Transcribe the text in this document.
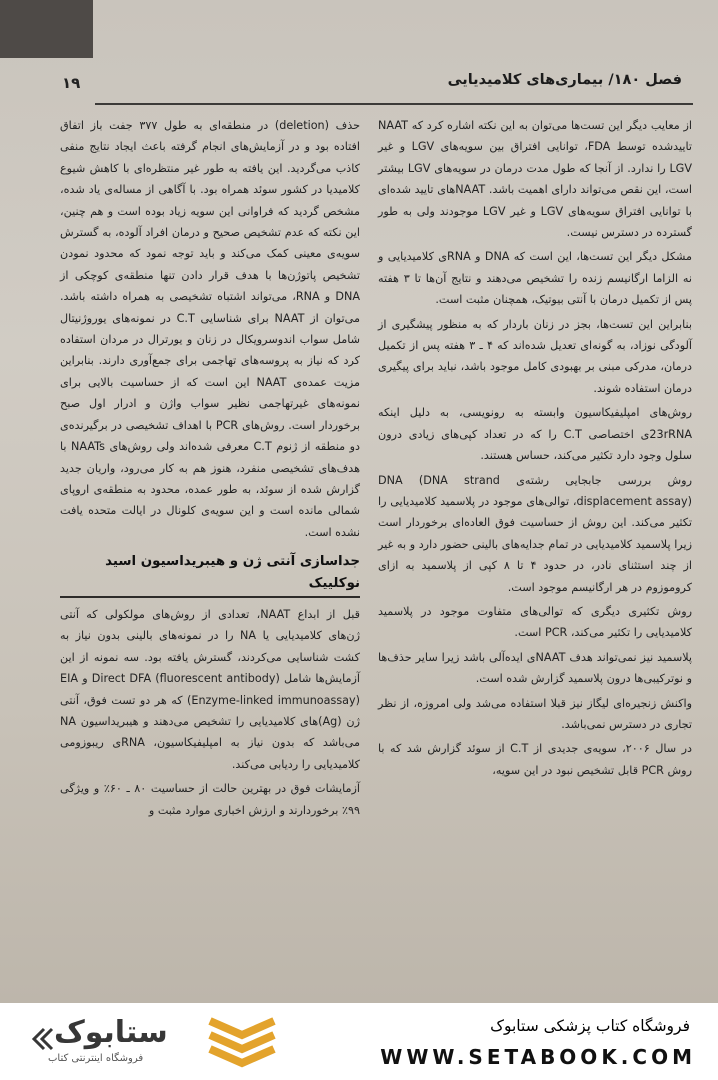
۱۹	فصل ۱۸۰/ بیماری‌های کلامیدیایی

از معایب دیگر این تست‌ها می‌توان به این نکته اشاره کرد که NAAT تاییدشده توسط FDA، توانایی افتراق بین سویه‌های LGV و غیر LGV را ندارد. از آنجا که طول مدت درمان در سویه‌های LGV بیشتر است، این نقص می‌تواند دارای اهمیت باشد. NAATهای تایید شده‌ای با توانایی افتراق سویه‌های LGV و غیر LGV موجودند ولی به طور گسترده در دسترس نیست.

مشکل دیگر این تست‌ها، این است که DNA و RNAی کلامیدیایی و نه الزاما ارگانیسم زنده را تشخیص می‌دهند و نتایج آن‌ها تا ۳ هفته پس از تکمیل درمان با آنتی بیوتیک، همچنان مثبت است.

بنابراین این تست‌ها، بجز در زنان باردار که به منظور پیشگیری از آلودگی نوزاد، به گونه‌ای تعدیل شده‌اند که ۴ ـ ۳ هفته پس از تکمیل درمان، مدرکی مبنی بر بهبودی کامل موجود باشد، نباید برای پیگیری درمان استفاده شوند.

روش‌های امپلیفیکاسیون وابسته به رونویسی، به دلیل اینکه 23rRNAی اختصاصی C.T را که در تعداد کپی‌های زیادی درون سلول وجود دارد تکثیر می‌کند، حساس هستند.

روش بررسی جابجایی رشته‌ی DNA (DNA strand displacement assay)، توالی‌های موجود در پلاسمید کلامیدیایی را تکثیر می‌کند. این روش از حساسیت فوق العاده‌ای برخوردار است زیرا پلاسمید کلامیدیایی در تمام جدایه‌های بالینی حضور دارد و به غیر از چند استثنای نادر، در حدود ۴ تا ۸ کپی از پلاسمید به ازای کروموزوم در هر ارگانیسم موجود است.

روش تکثیری دیگری که توالی‌های متفاوت موجود در پلاسمید کلامیدیایی را تکثیر می‌کند، PCR است.

پلاسمید نیز نمی‌تواند هدف NAATی ایده‌آلی باشد زیرا سایر حذف‌ها و نوترکیبی‌ها درون پلاسمید گزارش شده است.

واکنش زنجیره‌ای لیگاز نیز قبلا استفاده می‌شد ولی امروزه، از نظر تجاری در دسترس نمی‌باشد.

در سال ۲۰۰۶، سویه‌ی جدیدی از C.T از سوئد گزارش شد که با روش PCR قابل تشخیص نبود در این سویه،

حذف (deletion) در منطقه‌ای به طول ۳۷۷ جفت باز اتفاق افتاده بود و در آزمایش‌های انجام گرفته باعث ایجاد نتایج منفی کاذب می‌گردید. این یافته به طور غیر منتظره‌ای با کاهش شیوع کلامیدیا در کشور سوئد همراه بود. با آگاهی از مساله‌ی یاد شده، مشخص گردید که فراوانی این سویه زیاد بوده است و هم چنین، این نکته که عدم تشخیص صحیح و درمان افراد آلوده، به گسترش سویه‌ی معینی کمک می‌کند و باید توجه نمود که محدود نمودن تشخیص پاتوژن‌ها با هدف قرار دادن تنها منطقه‌ی کوچکی از DNA و RNA، می‌تواند اشتباه تشخیصی به همراه داشته باشد. می‌توان از NAAT برای شناسایی C.T در نمونه‌های یوروژنیتال شامل سواب اندوسرویکال در زنان و یورترال در مردان استفاده کرد که نیاز به پروسه‌های تهاجمی برای جمع‌آوری دارند. بنابراین مزیت عمده‌ی NAAT این است که از حساسیت بالایی برای نمونه‌های غیرتهاجمی نظیر سواب واژن و ادرار اول صبح برخوردار است. روش‌های PCR با اهداف تشخیصی در برگیرنده‌ی دو منطقه از ژنوم C.T معرفی شده‌اند ولی روش‌های NAATs با هدف‌های تشخیصی منفرد، هنوز هم به کار می‌رود، واریان جدید گزارش شده از سوئد، به طور عمده، محدود به منطقه‌ی اروپای شمالی مانده است و این سویه‌ی کلونال در ایالت متحده یافت نشده است.

جداسازی آنتی ژن و هیبریداسیون اسید نوکلییک

قبل از ابداع NAAT، تعدادی از روش‌های مولکولی که آنتی ژن‌های کلامیدیایی یا NA را در نمونه‌های بالینی بدون نیاز به کشت شناسایی می‌کردند، گسترش یافته بود. سه نمونه از این آزمایش‌ها شامل Direct DFA (fluorescent antibody) و EIA (Enzyme-linked immunoassay) که هر دو تست فوق، آنتی ژن (Ag)های کلامیدیایی را تشخیص می‌دهند و هیبریداسیون NA می‌باشد که بدون نیاز به امپلیفیکاسیون، RNAی ریبوزومی کلامیدیایی را ردیابی می‌کند.

آزمایشات فوق در بهترین حالت از حساسیت ۸۰ ـ ۶۰٪ و ویژگی ۹۹٪ برخوردارند و ارزش اخباری موارد مثبت و

ستابوک
فروشگاه اینترنتی کتاب
فروشگاه کتاب پزشکی ستابوک
WWW.SETABOOK.COM
